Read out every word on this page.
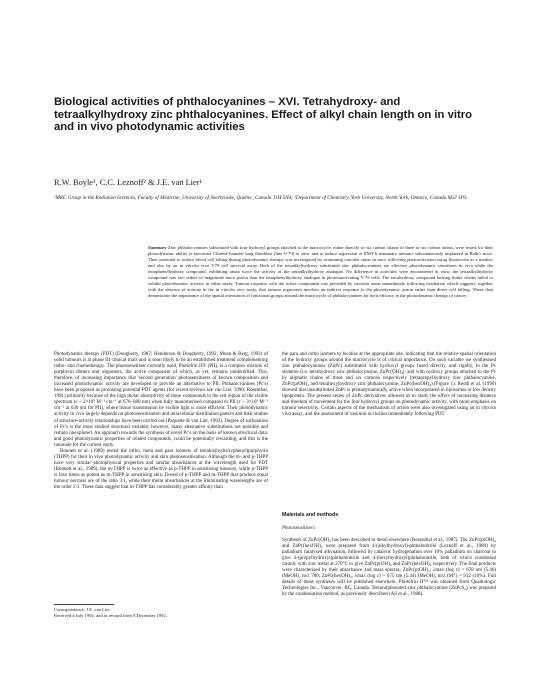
Biological activities of phthalocyanines – XVI. Tetrahydroxy- and tetraalkylhydroxy zinc phthalocyanines. Effect of alkyl chain length on in vitro and in vivo photodynamic activities
R.W. Boyle¹, C.C. Leznoff² & J.E. van Lier¹
¹MRC Group in the Radiation Sciences, Faculty of Medicine, University of Sherbrooke, Quebec, Canada J1H 5N4; ²Department of Chemistry, York University, North York, Ontario, Canada M3J 1P3.
Summary Zinc phthalocyanines substituted with four hydroxyl groups attached to the macrocycle, either directly or via carbon chains of three or six carbon atoms, were tested for their photodynamic ability to inactivate Chinese hamster lung fibroblast (line V-79) in vitro, and to induce regression of EMT-6 mammary tumours subcutaneously implanted in Balb/c mice. Their potential to reduce blood cell killing during photodynamic therapy was investigated by examining vascular stasis in mice following photoactivation using fluorescein as a marker, and also by an in vitro/in vivo V79 cell survival assay. Both of the tetraalkylhydroxy substituted zinc phthalocyanines are effective photodynamic sensitisers in vivo while the tetraphenylhydroxy compound, exhibiting about twice the activity of the tetraalkylhydroxy analogue. No difference in activities were encountered in vitro, the tetraalkylhydroxy compound was two orders of magnitude more potent than the tetraphenylhydroxy analogue in photoinactivating V-79 cells. The tetrahydroxy compound lacking linker chains failed to exhibit photodynamic activity in either assay. Tumour response with the active compounds was preceded by vascular stasis immediately following irradiation which suggests, together with the absence of activity in the in vitro/in vivo assay, that tumour regression involves an indirect response to the photodynamic action rather than direct cell killing. These data demonstrate the importance of the spatial orientation of functional groups around the macrocycle of phthalocyanines for their efficacy in the photodynamic therapy of cancer.

Photodynamic therapy (PDT) (Dougherty, 1987; Henderson & Dougherty, 1992; Moan & Berg, 1992) of solid tumours is at phase III clinical trials and is soon likely to be an established treatment complementing radio- and chemotherapy. The photosensitiser currently used, Photofrin II® (PII), is a complex mixture of porphyrin dimers and oligomers, the active component of which, as yet, remains unidentified. This, therefore, of increasing importance that 'second generation' photosensitisers of known composition and increased photodynamic activity are developed to provide an alternative to PII. Phthalocyanines (Pc's) have been proposed as promising potential PDT agents (for recent reviews see van Lier, 1990; Rosenthal, 1991) primarily because of the high molar absorptivity of these compounds in the red region of the visible spectrum (ε ~ 2×10⁵ M⁻¹ cm⁻¹ at 670–680 nm) when fully monomerised compared to PII (ε ~ 3×10³ M⁻¹ cm⁻¹ at 630 nm for PII), where tissue transmission by visible light is more efficient. Their photodynamic activity in vivo largely depends on photosensitisation and intracellular distribution pattern and their studies of structure-activity relationships have been carried out (Paquette & van Lier, 1993). Degree of sulfonation of Pc's is the most studied structural variable; however, many alternative substitutions are possible and remain unexplored. An approach towards the synthesis of novel Pc's on the basis of known structural data, and good photodynamic properties of related compounds, could be potentially rewarding, and this is the rationale for the current study.

Bonnett et al. (1989) tested the ortho, meta and para isomers of tetrakis(hydroxyphenyl)porphyrin (THPP) for their in vivo photodynamic activity and skin photosensitisation. Although the m- and p-THPP have very similar photophysical properties and similar absorbances at the wavelength used for PDT (Bonnett et al., 1989), the m-THPP is twice as effective as p-THPP in sensitising tumours, while p-THPP is four times as potent as m-THPP in sensitising skin. Dosed of p-THPP and m-THPP that produce equal tumour necrosis are of the ratio 3:1, while their molar absorbances at the illuminating wavelengths are of the order 2:1. These data suggest that m-THPP has considerably greater affinity than

the para and ortho isomers to localise at the appropriate site, indicating that the relative spatial orientation of the hydroxy groups around the macrocycle is of critical importance. On such variable we synthesised zinc phthalocyanines (ZnPc) substituted with hydroxyl groups fused directly, and rigidly, to the Pc skeleton (i.e. tetrahydroxy zinc phthalocyanine, ZnPc(OH)₄), and with hydroxy groups attached to the Pc by aliphatic chains of three and six carbons respectively (tetrapropylhydroxy zinc phthalocyanine, ZnPc(prOH)₄ and tetrahexylhydroxy zinc phthalocyanine, ZnPc(hexOH)₄) (Figure 1). Reddi et al. (1990) showed that unsubstituted ZnPc is photodynamically active when incorporated in liposomes or low density lipoprotein. The present series of ZnPc derivatives allowed us to study the effect of increasing distance and freedom of movement for the four hydroxyl groups on photodynamic activity, with more emphasis on tumour selectivity. Certain aspects of the mechanism of action were also investigated using an in vitro/in vivo assay, and the assessment of vascular occlusion immediately following PDT.

Materials and methods
Photosensitisers

Synthesis of ZnPc(OH)₄ has been described in detail elsewhere (Rosenthal et al., 1987). The ZnPc(prOH)₄ and ZnPc(hexOH)₄ were prepared from 4-(alkylhydroxyl)-phthalonitrile (Leznoff et al., 1989) by palladium catalysed alkynation, followed by catalytic hydrogenation over 10% palladium on charcoal to give 4-(propylhydroxyl)phthalonitrile and 4-(hexylhydroxyl)phthalonitrile, both of which condensed cleanly with zinc metal at 270°C to give ZnPc(prOH)₄ and ZnPc(hexOH)₄ respectively. The final products were characterised by their absorbance and mass spectra: ZnPc(prOH)₄, λmax (log ε) = 678 nm (5.46) (MeOH), m/z 700; ZnPc(hexOH)₄, λmax (log ε) = 675 nm (5.44) (MeOH), m/z (M⁺) = 912 (10%). Full details of these syntheses will be published elsewhere. Photofrin II™ was obtained from Quadralogic Technologies Inc., Vancouver, BC, Canada. Tetrasulphonated zinc phthalocyanine (ZnPcS₄) was prepared by the condensation method, as previously described (Ali et al., 1988).

Correspondence: J.E. van Lier.
Received 4 July 1992; and in revised form 8 December 1992.
